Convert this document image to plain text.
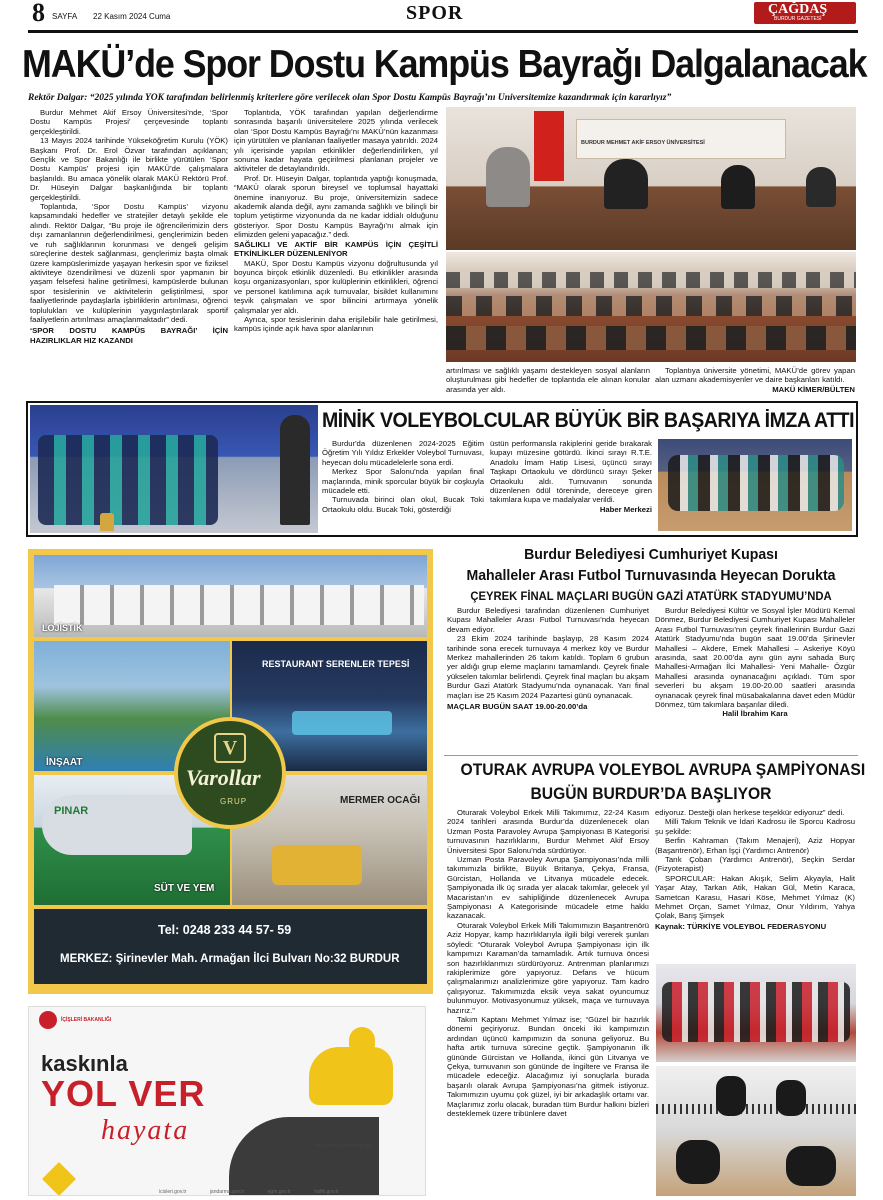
8 SAYFA 22 Kasım 2024 Cuma	SPOR	ÇAĞDAŞ
BURDUR GAZETESİ
MAKÜ’de Spor Dostu Kampüs Bayrağı Dalgalanacak
Rektör Dalgar: “2025 yılında YÖK tarafından belirlenmiş kriterlere göre verilecek olan Spor Dostu Kampüs Bayrağı’nı Üniversitemize kazandırmak için kararlıyız”

Burdur Mehmet Akif Ersoy Üniversitesi'nde, ‘Spor Dostu Kampüs Projesi’ çerçevesinde toplantı gerçekleştirildi.

13 Mayıs 2024 tarihinde Yükseköğretim Kurulu (YÖK) Başkanı Prof. Dr. Erol Özvar tarafından açıklanan; Gençlik ve Spor Bakanlığı ile birlikte yürütülen ‘Spor Dostu Kampüs’ projesi için MAKÜ’de çalışmalara başlanıldı. Bu amaca yönelik olarak MAKÜ Rektörü Prof. Dr. Hüseyin Dalgar başkanlığında bir toplantı gerçekleştirildi.

Toplantıda, ‘Spor Dostu Kampüs’ vizyonu kapsamındaki hedefler ve stratejiler detaylı şekilde ele alındı. Rektör Dalgar, “Bu proje ile öğrencilerimizin ders dışı zamanlarının değerlendirilmesi, gençlerimizin beden ve ruh sağlıklarının korunması ve dengeli gelişim süreçlerine destek sağlanması, gençlerimiz başta olmak üzere kampüslerimizde yaşayan herkesin spor ve fiziksel aktiviteye özendirilmesi ve düzenli spor yapmanın bir yaşam felsefesi haline getirilmesi, kampüslerde bulunan spor tesislerinin ve aktivitelerin geliştirilmesi, spor faaliyetlerinde paydaşlarla işbirliklerin artırılması, öğrenci toplulukları ve kulüplerinin yaygınlaştırılarak sportif faaliyetlerin artırılması amaçlanmaktadır” dedi.

‘SPOR DOSTU KAMPÜS BAYRAĞI’ İÇİN HAZIRLIKLAR HIZ KAZANDI

Toplantıda, YÖK tarafından yapılan değerlendirme sonrasında başarılı üniversitelere 2025 yılında verilecek olan ‘Spor Dostu Kampüs Bayrağı’nı MAKÜ’nün kazanması için yürütülen ve planlanan faaliyetler masaya yatırıldı. 2024 yılı içerisinde yapılan etkinlikler değerlendirilirken, yıl sonuna kadar hayata geçirilmesi planlanan projeler ve aktiviteler de detaylandırıldı.

Prof. Dr. Hüseyin Dalgar, toplantıda yaptığı konuşmada, “MAKÜ olarak sporun bireysel ve toplumsal hayattaki önemine inanıyoruz. Bu proje, üniversitemizin sadece akademik alanda değil, aynı zamanda sağlıklı ve bilinçli bir toplum yetiştirme vizyonunda da ne kadar iddialı olduğunu gösteriyor. Spor Dostu Kampüs Bayrağı’nı almak için elimizden geleni yapacağız.” dedi.

SAĞLIKLI VE AKTİF BİR KAMPÜS İÇİN ÇEŞİTLİ ETKİNLİKLER DÜZENLENİYOR

MAKÜ, Spor Dostu Kampüs vizyonu doğrultusunda yıl boyunca birçok etkinlik düzenledi. Bu etkinlikler arasında koşu organizasyonları, spor kulüplerinin etkinlikleri, öğrenci ve personel katılımına açık turnuvalar, bisiklet kullanımını teşvik çalışmaları ve spor bilincini artırmaya yönelik çalışmalar yer aldı.

Ayrıca, spor tesislerinin daha erişilebilir hale getirilmesi, kampüs içinde açık hava spor alanlarının

BURDUR MEHMET AKİF ERSOY ÜNİVERSİTESİ

artırılması ve sağlıklı yaşamı destekleyen sosyal alanların oluşturulması gibi hedefler de toplantıda ele alınan konular arasında yer aldı.

Toplantıya üniversite yönetimi, MAKÜ’de görev yapan alan uzmanı akademisyenler ve daire başkanları katıldı.

MAKÜ KİMER/BÜLTEN
MİNİK VOLEYBOLCULAR BÜYÜK BİR BAŞARIYA İMZA ATTI

Burdur'da düzenlenen 2024-2025 Eğitim Öğretim Yılı Yıldız Erkekler Voleybol Turnuvası, heyecan dolu mücadelelerle sona erdi.

Merkez Spor Salonu'nda yapılan final maçlarında, minik sporcular büyük bir coşkuyla mücadele etti.

Turnuvada birinci olan okul, Bucak Toki Ortaokulu oldu. Bucak Toki, gösterdiği

üstün performansla rakiplerini geride bırakarak kupayı müzesine götürdü. İkinci sırayı R.T.E. Anadolu İmam Hatip Lisesi, üçüncü sırayı Taşkapı Ortaokulu ve dördüncü sırayı Şeker Ortaokulu aldı. Turnuvanın sonunda düzenlenen ödül töreninde, dereceye giren takımlara kupa ve madalyalar verildi.

Haber Merkezi
LOJİSTİK
İNŞAAT
RESTAURANT SERENLER TEPESİ
PINAR
SÜT VE YEM
MERMER OCAĞI
V
Varollar
GRUP
Tel: 0248 233 44 57- 59
MERKEZ: Şirinevler Mah. Armağan İlci Bulvarı No:32 BURDUR
İÇİŞLERİ BAKANLIĞI
kaskınla
YOL VER
hayata	#kurallariyaolverhayata
icisleri.gov.tr	jandarma.gov.tr	egm.gov.tr	trafik.gov.tr
Burdur Belediyesi Cumhuriyet Kupası
Mahalleler Arası Futbol Turnuvasında Heyecan Dorukta
ÇEYREK FİNAL MAÇLARI BUGÜN GAZİ ATATÜRK STADYUMU’NDA

Burdur Belediyesi tarafından düzenlenen Cumhuriyet Kupası Mahalleler Arası Futbol Turnuvası’nda heyecan devam ediyor.

23 Ekim 2024 tarihinde başlayıp, 28 Kasım 2024 tarihinde sona erecek turnuvaya 4 merkez köy ve Burdur Merkez mahallerinden 26 takım katıldı. Toplam 6 grubun yer aldığı grup eleme maçlarını tamamlandı. Çeyrek finale yükselen takımlar belirlendi. Çeyrek final maçları bu akşam Burdur Gazi Atatürk Stadyumu’nda oynanacak. Yarı final maçları ise 25 Kasım 2024 Pazartesi günü oynanacak.

MAÇLAR BUGÜN SAAT 19.00-20.00’da

Burdur Belediyesi Kültür ve Sosyal İşler Müdürü Kemal Dönmez, Burdur Belediyesi Cumhuriyet Kupası Mahalleler Arası Futbol Turnuvası’nın çeyrek finallerinin Burdur Gazi Atatürk Stadyumu’nda bugün saat 19.00’da Şirinevler Mahallesi – Akdere, Emek Mahallesi – Askeriye Köyü arasında, saat 20.00’da aynı gün aynı sahada Burç Mahallesi-Armağan İlci Mahallesi- Yeni Mahalle- Özgür Mahallesi arasında oynanacağını açıkladı. Tüm spor severleri bu akşam 19.00-20.00 saatleri arasında oynanacak çeyrek final müsabakalarına davet eden Müdür Dönmez, tüm takımlara başarılar diledi.

Halil İbrahim Kara
OTURAK AVRUPA VOLEYBOL AVRUPA ŞAMPİYONASI
BUGÜN BURDUR’DA BAŞLIYOR

Oturarak Voleybol Erkek Milli Takımımız, 22-24 Kasım 2024 tarihleri arasında Burdur’da düzenlenecek olan Uzman Posta Paravoley Avrupa Şampiyonası B Kategorisi turnuvasının hazırlıklarını, Burdur Mehmet Akif Ersoy Üniversitesi Spor Salonu’nda sürdürüyor.

Uzman Posta Paravoley Avrupa Şampiyonası’nda milli takımımızla birlikte, Büyük Britanya, Çekya, Fransa, Gürcistan, Hollanda ve Litvanya mücadele edecek. Şampiyonada ilk üç sırada yer alacak takımlar, gelecek yıl Macaristan’ın ev sahipliğinde düzenlenecek Avrupa Şampiyonası A Kategorisinde mücadele etme hakkı kazanacak.

Oturarak Voleybol Erkek Milli Takımımızın Başantrenörü Aziz Hopyar, kamp hazırlıklarıyla ilgili bilgi vererek şunları söyledi: “Oturarak Voleybol Avrupa Şampiyonası için ilk kampımızı Karaman’da tamamladık. Artık turnuva öncesi son hazırlıklarımızı sürdürüyoruz. Antrenman planlarımızı rakiplerimize göre yapıyoruz. Defans ve hücum çalışmalarımızı analizlerimize göre yapıyoruz. Tam kadro çalışıyoruz. Takımımızda eksik veya sakat oyuncumuz bulunmuyor. Motivasyonumuz yüksek, maça ve turnuvaya hazırız.”

Takım Kaptanı Mehmet Yılmaz ise; “Güzel bir hazırlık dönemi geçiriyoruz. Bundan önceki iki kampımızın ardından üçüncü kampımızın da sonuna geliyoruz. Bu hafta artık turnuva sürecine geçtik. Şampiyonanın ilk gününde Gürcistan ve Hollanda, ikinci gün Litvanya ve Çekya, turnuvanın son gününde de İngiltere ve Fransa ile mücadele edeceğiz. Alacağımız iyi sonuçlarla burada başarılı olarak Avrupa Şampiyonası’na gitmek istiyoruz. Takımımızın uyumu çok güzel, iyi bir arkadaşlık ortamı var. Maçlarımız zorlu olacak, buradan tüm Burdur halkını bizleri desteklemek üzere tribünlere davet

ediyoruz. Desteği olan herkese teşekkür ediyoruz” dedi.

Milli Takım Teknik ve İdari Kadrosu ile Sporcu Kadrosu şu şekilde:

Berfin Kahraman (Takım Menajeri), Aziz Hopyar (Başantrenör), Erhan İşçi (Yardımcı Antrenör)

Tarık Çoban (Yardımcı Antrenör), Seçkin Serdar (Fizyoterapist)

SPORCULAR: Hakan Akışık, Selim Akyayla, Halit Yaşar Atay, Tarkan Atik, Hakan Gül, Metin Karaca, Sametcan Karasu, Hasari Köse, Mehmet Yılmaz (K) Mehmet Orçan, Samet Yılmaz, Onur Yıldırım, Yahya Çolak, Barış Şimşek

Kaynak: TÜRKİYE VOLEYBOL FEDERASYONU
